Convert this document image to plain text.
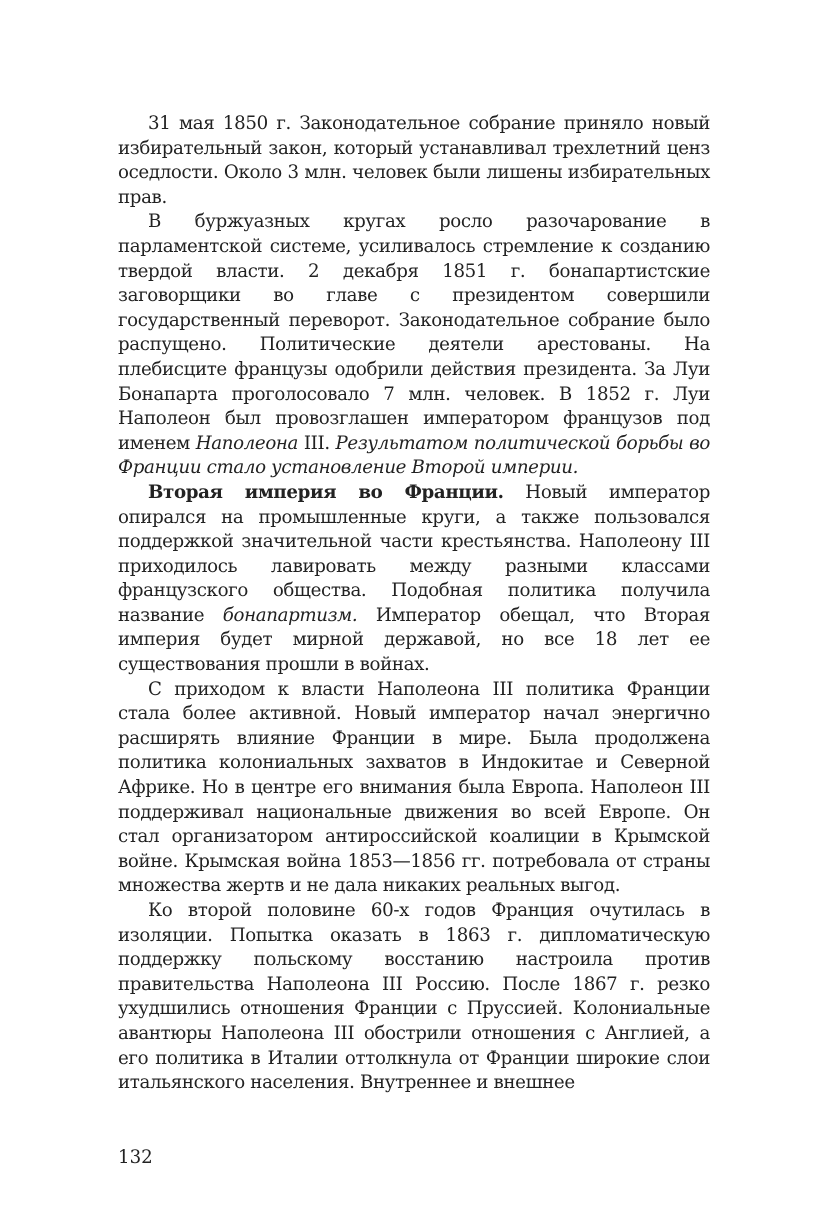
31 мая 1850 г. Законодательное собрание приняло новый избирательный закон, который устанавливал трехлетний ценз оседлости. Около 3 млн. человек были лишены избирательных прав.

В буржуазных кругах росло разочарование в парламентской системе, усиливалось стремление к созданию твердой власти. 2 декабря 1851 г. бонапартистские заговорщики во главе с президентом совершили государственный переворот. Законодательное собрание было распущено. Политические деятели арестованы. На плебисците французы одобрили действия президента. За Луи Бонапарта проголосовало 7 млн. человек. В 1852 г. Луи Наполеон был провозглашен императором французов под именем Наполеона III. Результатом политической борьбы во Франции стало установление Второй империи.

Вторая империя во Франции. Новый император опирался на промышленные круги, а также пользовался поддержкой значительной части крестьянства. Наполеону III приходилось лавировать между разными классами французского общества. Подобная политика получила название бонапартизм. Император обещал, что Вторая империя будет мирной державой, но все 18 лет ее существования прошли в войнах.

С приходом к власти Наполеона III политика Франции стала более активной. Новый император начал энергично расширять влияние Франции в мире. Была продолжена политика колониальных захватов в Индокитае и Северной Африке. Но в центре его внимания была Европа. Наполеон III поддерживал национальные движения во всей Европе. Он стал организатором антироссийской коалиции в Крымской войне. Крымская война 1853—1856 гг. потребовала от страны множества жертв и не дала никаких реальных выгод.

Ко второй половине 60-х годов Франция очутилась в изоляции. Попытка оказать в 1863 г. дипломатическую поддержку польскому восстанию настроила против правительства Наполеона III Россию. После 1867 г. резко ухудшились отношения Франции с Пруссией. Колониальные авантюры Наполеона III обострили отношения с Англией, а его политика в Италии оттолкнула от Франции широкие слои итальянского населения. Внутреннее и внешнее

132
